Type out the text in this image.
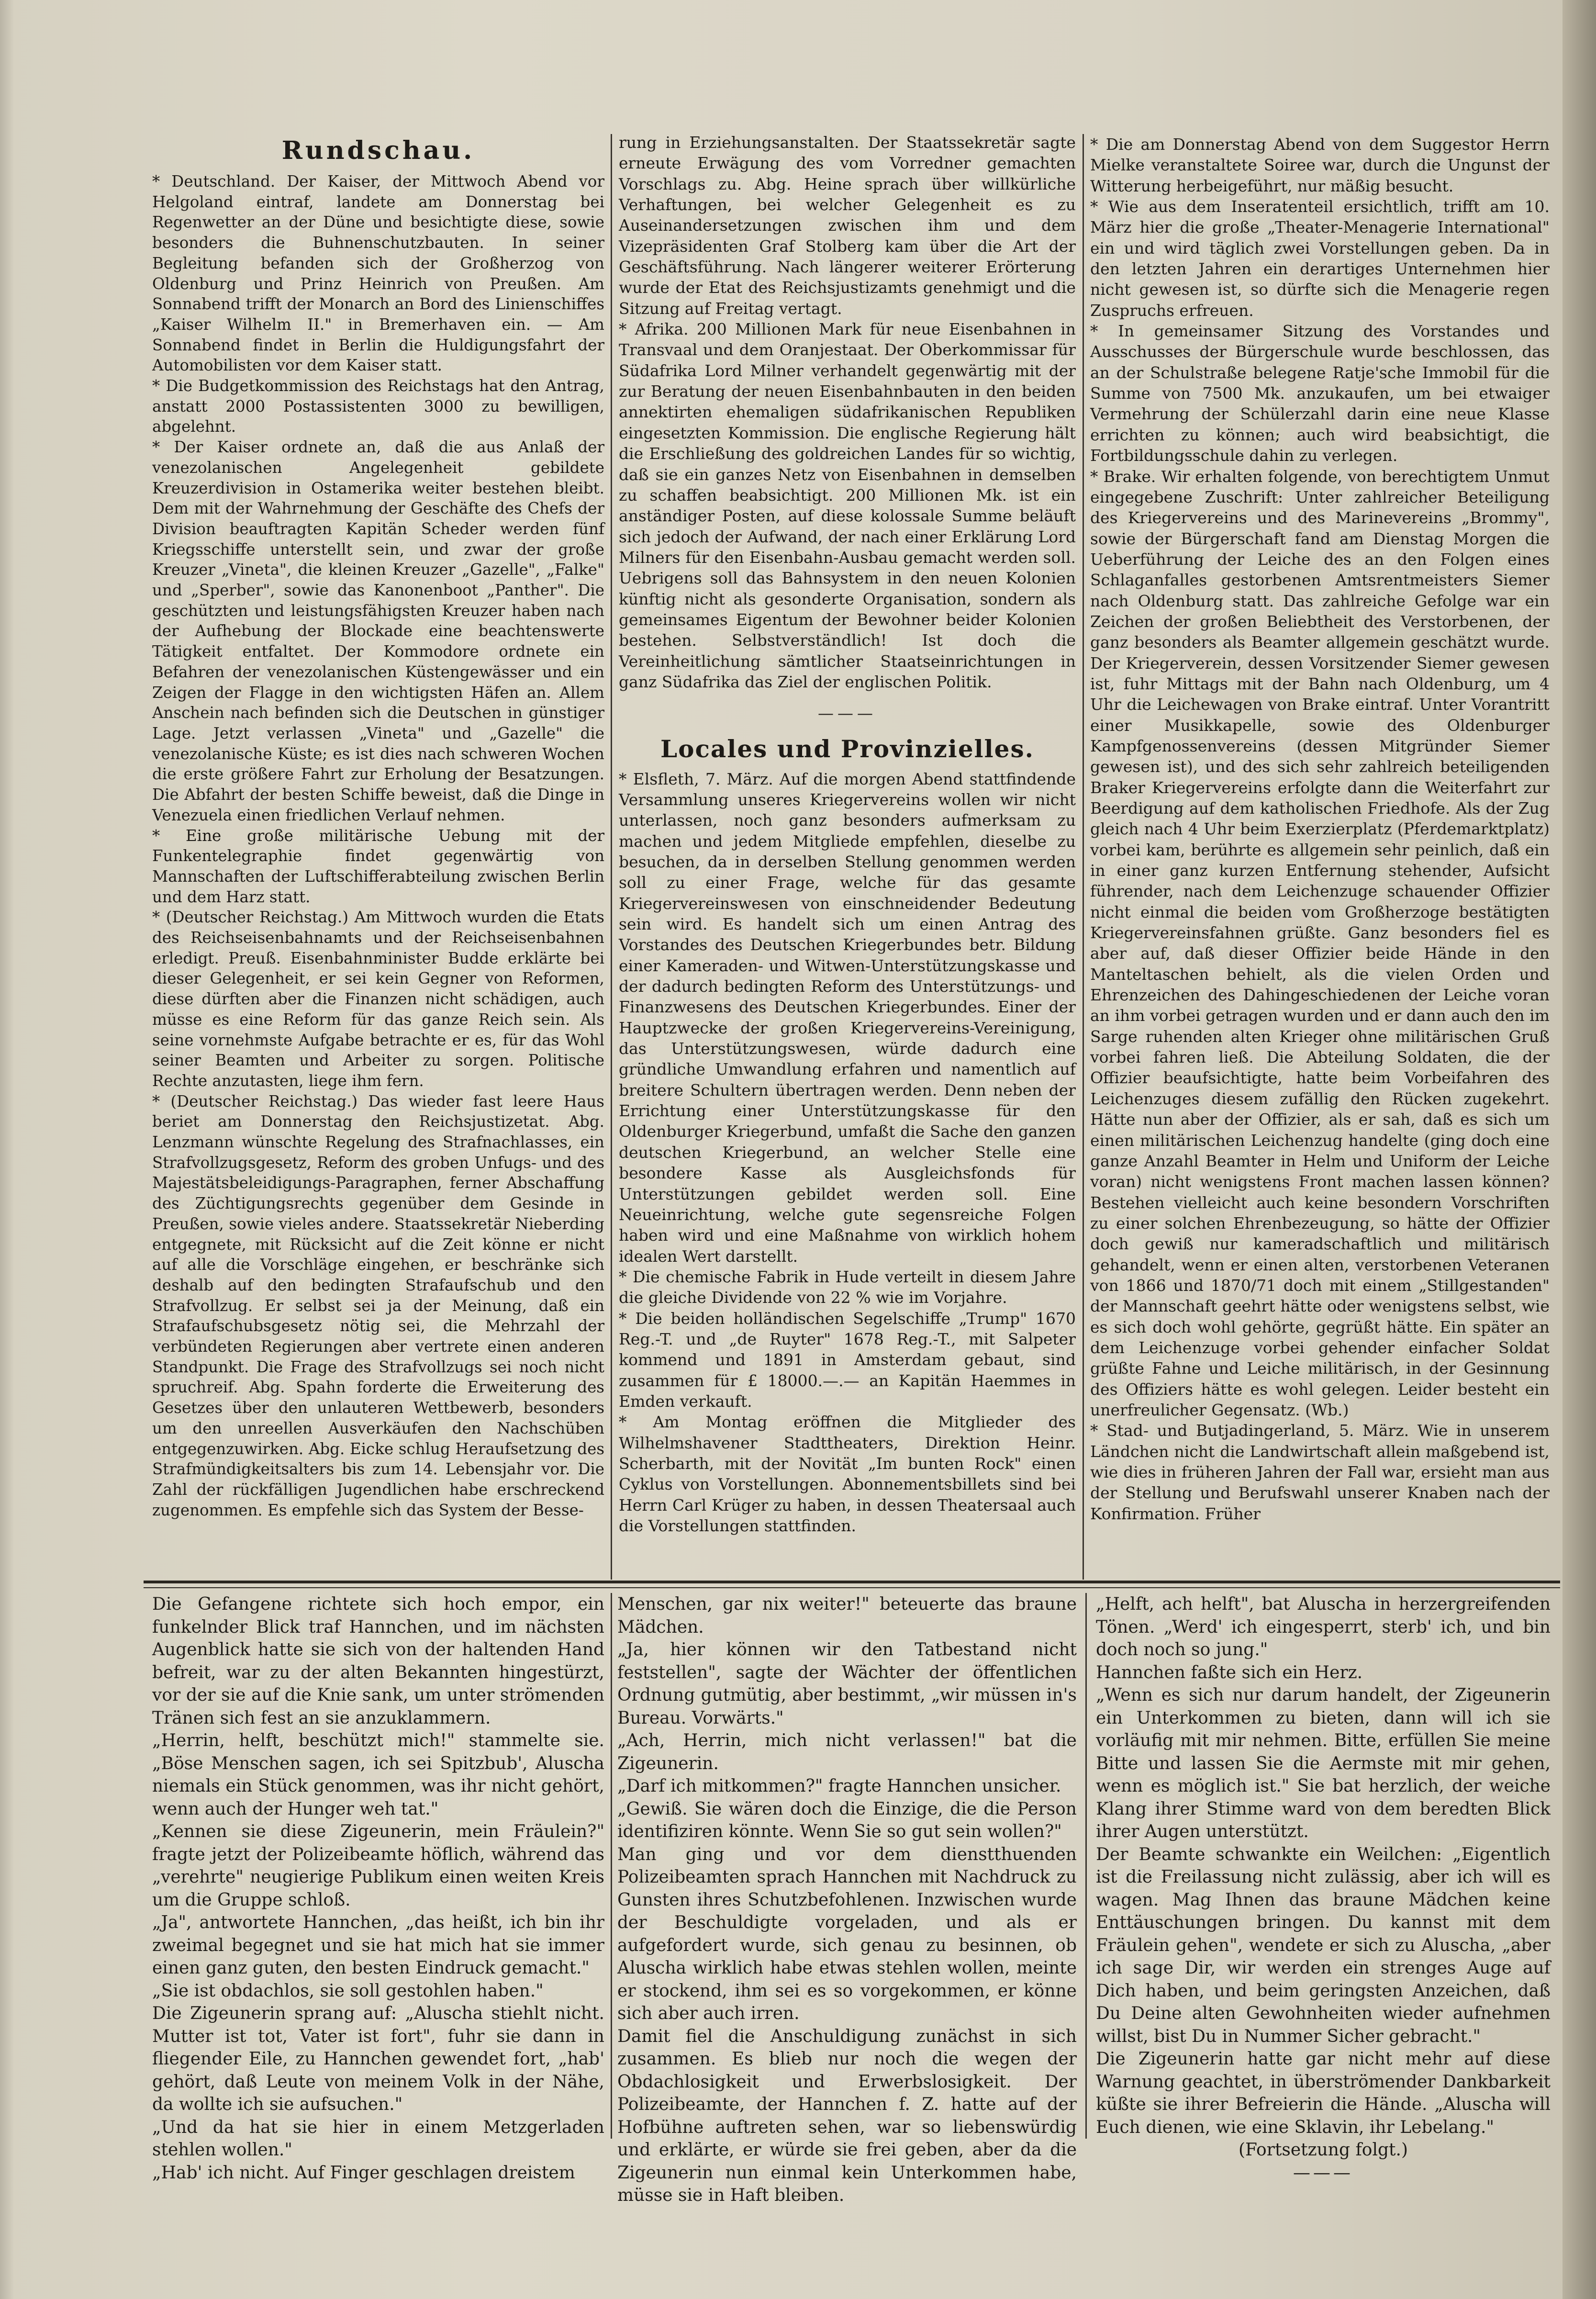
Rundschau.

* Deutschland. Der Kaiser, der Mittwoch Abend vor Helgoland eintraf, landete am Donnerstag bei Regenwetter an der Düne und besichtigte diese, sowie besonders die Buhnenschutzbauten. In seiner Begleitung befanden sich der Großherzog von Oldenburg und Prinz Heinrich von Preußen. Am Sonnabend trifft der Monarch an Bord des Linienschiffes „Kaiser Wilhelm II." in Bremerhaven ein. — Am Sonnabend findet in Berlin die Huldigungsfahrt der Automobilisten vor dem Kaiser statt.

* Die Budgetkommission des Reichstags hat den Antrag, anstatt 2000 Postassistenten 3000 zu bewilligen, abgelehnt.

* Der Kaiser ordnete an, daß die aus Anlaß der venezolanischen Angelegenheit gebildete Kreuzerdivision in Ostamerika weiter bestehen bleibt. Dem mit der Wahrnehmung der Geschäfte des Chefs der Division beauftragten Kapitän Scheder werden fünf Kriegsschiffe unterstellt sein, und zwar der große Kreuzer „Vineta", die kleinen Kreuzer „Gazelle", „Falke" und „Sperber", sowie das Kanonenboot „Panther". Die geschützten und leistungsfähigsten Kreuzer haben nach der Aufhebung der Blockade eine beachtenswerte Tätigkeit entfaltet. Der Kommodore ordnete ein Befahren der venezolanischen Küstengewässer und ein Zeigen der Flagge in den wichtigsten Häfen an. Allem Anschein nach befinden sich die Deutschen in günstiger Lage. Jetzt verlassen „Vineta" und „Gazelle" die venezolanische Küste; es ist dies nach schweren Wochen die erste größere Fahrt zur Erholung der Besatzungen. Die Abfahrt der besten Schiffe beweist, daß die Dinge in Venezuela einen friedlichen Verlauf nehmen.

* Eine große militärische Uebung mit der Funkentelegraphie findet gegenwärtig von Mannschaften der Luftschifferabteilung zwischen Berlin und dem Harz statt.

* (Deutscher Reichstag.) Am Mittwoch wurden die Etats des Reichseisenbahnamts und der Reichseisenbahnen erledigt. Preuß. Eisenbahnminister Budde erklärte bei dieser Gelegenheit, er sei kein Gegner von Reformen, diese dürften aber die Finanzen nicht schädigen, auch müsse es eine Reform für das ganze Reich sein. Als seine vornehmste Aufgabe betrachte er es, für das Wohl seiner Beamten und Arbeiter zu sorgen. Politische Rechte anzutasten, liege ihm fern.

* (Deutscher Reichstag.) Das wieder fast leere Haus beriet am Donnerstag den Reichsjustizetat. Abg. Lenzmann wünschte Regelung des Strafnachlasses, ein Strafvollzugsgesetz, Reform des groben Unfugs- und des Majestätsbeleidigungs-Paragraphen, ferner Abschaffung des Züchtigungsrechts gegenüber dem Gesinde in Preußen, sowie vieles andere. Staatssekretär Nieberding entgegnete, mit Rücksicht auf die Zeit könne er nicht auf alle die Vorschläge eingehen, er beschränke sich deshalb auf den bedingten Strafaufschub und den Strafvollzug. Er selbst sei ja der Meinung, daß ein Strafaufschubsgesetz nötig sei, die Mehrzahl der verbündeten Regierungen aber vertrete einen anderen Standpunkt. Die Frage des Strafvollzugs sei noch nicht spruchreif. Abg. Spahn forderte die Erweiterung des Gesetzes über den unlauteren Wettbewerb, besonders um den unreellen Ausverkäufen den Nachschüben entgegenzuwirken. Abg. Eicke schlug Heraufsetzung des Strafmündigkeitsalters bis zum 14. Lebensjahr vor. Die Zahl der rückfälligen Jugendlichen habe erschreckend zugenommen. Es empfehle sich das System der Besse-

rung in Erziehungsanstalten. Der Staatssekretär sagte erneute Erwägung des vom Vorredner gemachten Vorschlags zu. Abg. Heine sprach über willkürliche Verhaftungen, bei welcher Gelegenheit es zu Auseinandersetzungen zwischen ihm und dem Vizepräsidenten Graf Stolberg kam über die Art der Geschäftsführung. Nach längerer weiterer Erörterung wurde der Etat des Reichsjustizamts genehmigt und die Sitzung auf Freitag vertagt.

* Afrika. 200 Millionen Mark für neue Eisenbahnen in Transvaal und dem Oranjestaat. Der Oberkommissar für Südafrika Lord Milner verhandelt gegenwärtig mit der zur Beratung der neuen Eisenbahnbauten in den beiden annektirten ehemaligen südafrikanischen Republiken eingesetzten Kommission. Die englische Regierung hält die Erschließung des goldreichen Landes für so wichtig, daß sie ein ganzes Netz von Eisenbahnen in demselben zu schaffen beabsichtigt. 200 Millionen Mk. ist ein anständiger Posten, auf diese kolossale Summe beläuft sich jedoch der Aufwand, der nach einer Erklärung Lord Milners für den Eisenbahn-Ausbau gemacht werden soll. Uebrigens soll das Bahnsystem in den neuen Kolonien künftig nicht als gesonderte Organisation, sondern als gemeinsames Eigentum der Bewohner beider Kolonien bestehen. Selbstverständlich! Ist doch die Vereinheitlichung sämtlicher Staatseinrichtungen in ganz Südafrika das Ziel der englischen Politik.

———
Locales und Provinzielles.

* Elsfleth, 7. März. Auf die morgen Abend stattfindende Versammlung unseres Kriegervereins wollen wir nicht unterlassen, noch ganz besonders aufmerksam zu machen und jedem Mitgliede empfehlen, dieselbe zu besuchen, da in derselben Stellung genommen werden soll zu einer Frage, welche für das gesamte Kriegervereinswesen von einschneidender Bedeutung sein wird. Es handelt sich um einen Antrag des Vorstandes des Deutschen Kriegerbundes betr. Bildung einer Kameraden- und Witwen-Unterstützungskasse und der dadurch bedingten Reform des Unterstützungs- und Finanzwesens des Deutschen Kriegerbundes. Einer der Hauptzwecke der großen Kriegervereins-Vereinigung, das Unterstützungswesen, würde dadurch eine gründliche Umwandlung erfahren und namentlich auf breitere Schultern übertragen werden. Denn neben der Errichtung einer Unterstützungskasse für den Oldenburger Kriegerbund, umfaßt die Sache den ganzen deutschen Kriegerbund, an welcher Stelle eine besondere Kasse als Ausgleichsfonds für Unterstützungen gebildet werden soll. Eine Neueinrichtung, welche gute segensreiche Folgen haben wird und eine Maßnahme von wirklich hohem idealen Wert darstellt.

* Die chemische Fabrik in Hude verteilt in diesem Jahre die gleiche Dividende von 22 % wie im Vorjahre.

* Die beiden holländischen Segelschiffe „Trump" 1670 Reg.-T. und „de Ruyter" 1678 Reg.-T., mit Salpeter kommend und 1891 in Amsterdam gebaut, sind zusammen für £ 18000.—.— an Kapitän Haemmes in Emden verkauft.

* Am Montag eröffnen die Mitglieder des Wilhelmshavener Stadttheaters, Direktion Heinr. Scherbarth, mit der Novität „Im bunten Rock" einen Cyklus von Vorstellungen. Abonnementsbillets sind bei Herrn Carl Krüger zu haben, in dessen Theatersaal auch die Vorstellungen stattfinden.

* Die am Donnerstag Abend von dem Suggestor Herrn Mielke veranstaltete Soiree war, durch die Ungunst der Witterung herbeigeführt, nur mäßig besucht.

* Wie aus dem Inseratenteil ersichtlich, trifft am 10. März hier die große „Theater-Menagerie International" ein und wird täglich zwei Vorstellungen geben. Da in den letzten Jahren ein derartiges Unternehmen hier nicht gewesen ist, so dürfte sich die Menagerie regen Zuspruchs erfreuen.

* In gemeinsamer Sitzung des Vorstandes und Ausschusses der Bürgerschule wurde beschlossen, das an der Schulstraße belegene Ratje'sche Immobil für die Summe von 7500 Mk. anzukaufen, um bei etwaiger Vermehrung der Schülerzahl darin eine neue Klasse errichten zu können; auch wird beabsichtigt, die Fortbildungsschule dahin zu verlegen.

* Brake. Wir erhalten folgende, von berechtigtem Unmut eingegebene Zuschrift: Unter zahlreicher Beteiligung des Kriegervereins und des Marinevereins „Brommy", sowie der Bürgerschaft fand am Dienstag Morgen die Ueberführung der Leiche des an den Folgen eines Schlaganfalles gestorbenen Amtsrentmeisters Siemer nach Oldenburg statt. Das zahlreiche Gefolge war ein Zeichen der großen Beliebtheit des Verstorbenen, der ganz besonders als Beamter allgemein geschätzt wurde. Der Kriegerverein, dessen Vorsitzender Siemer gewesen ist, fuhr Mittags mit der Bahn nach Oldenburg, um 4 Uhr die Leichewagen von Brake eintraf. Unter Vorantritt einer Musikkapelle, sowie des Oldenburger Kampfgenossenvereins (dessen Mitgründer Siemer gewesen ist), und des sich sehr zahlreich beteiligenden Braker Kriegervereins erfolgte dann die Weiterfahrt zur Beerdigung auf dem katholischen Friedhofe. Als der Zug gleich nach 4 Uhr beim Exerzierplatz (Pferdemarktplatz) vorbei kam, berührte es allgemein sehr peinlich, daß ein in einer ganz kurzen Entfernung stehender, Aufsicht führender, nach dem Leichenzuge schauender Offizier nicht einmal die beiden vom Großherzoge bestätigten Kriegervereinsfahnen grüßte. Ganz besonders fiel es aber auf, daß dieser Offizier beide Hände in den Manteltaschen behielt, als die vielen Orden und Ehrenzeichen des Dahingeschiedenen der Leiche voran an ihm vorbei getragen wurden und er dann auch den im Sarge ruhenden alten Krieger ohne militärischen Gruß vorbei fahren ließ. Die Abteilung Soldaten, die der Offizier beaufsichtigte, hatte beim Vorbeifahren des Leichenzuges diesem zufällig den Rücken zugekehrt. Hätte nun aber der Offizier, als er sah, daß es sich um einen militärischen Leichenzug handelte (ging doch eine ganze Anzahl Beamter in Helm und Uniform der Leiche voran) nicht wenigstens Front machen lassen können? Bestehen vielleicht auch keine besondern Vorschriften zu einer solchen Ehrenbezeugung, so hätte der Offizier doch gewiß nur kameradschaftlich und militärisch gehandelt, wenn er einen alten, verstorbenen Veteranen von 1866 und 1870/71 doch mit einem „Stillgestanden" der Mannschaft geehrt hätte oder wenigstens selbst, wie es sich doch wohl gehörte, gegrüßt hätte. Ein später an dem Leichenzuge vorbei gehender einfacher Soldat grüßte Fahne und Leiche militärisch, in der Gesinnung des Offiziers hätte es wohl gelegen. Leider besteht ein unerfreulicher Gegensatz. (Wb.)

* Stad- und Butjadingerland, 5. März. Wie in unserem Ländchen nicht die Landwirtschaft allein maßgebend ist, wie dies in früheren Jahren der Fall war, ersieht man aus der Stellung und Berufswahl unserer Knaben nach der Konfirmation. Früher

Die Gefangene richtete sich hoch empor, ein funkelnder Blick traf Hannchen, und im nächsten Augenblick hatte sie sich von der haltenden Hand befreit, war zu der alten Bekannten hingestürzt, vor der sie auf die Knie sank, um unter strömenden Tränen sich fest an sie anzuklammern.

„Herrin, helft, beschützt mich!" stammelte sie. „Böse Menschen sagen, ich sei Spitzbub', Aluscha niemals ein Stück genommen, was ihr nicht gehört, wenn auch der Hunger weh tat."

„Kennen sie diese Zigeunerin, mein Fräulein?" fragte jetzt der Polizeibeamte höflich, während das „verehrte" neugierige Publikum einen weiten Kreis um die Gruppe schloß.

„Ja", antwortete Hannchen, „das heißt, ich bin ihr zweimal begegnet und sie hat mich hat sie immer einen ganz guten, den besten Eindruck gemacht."

„Sie ist obdachlos, sie soll gestohlen haben."

Die Zigeunerin sprang auf: „Aluscha stiehlt nicht. Mutter ist tot, Vater ist fort", fuhr sie dann in fliegender Eile, zu Hannchen gewendet fort, „hab' gehört, daß Leute von meinem Volk in der Nähe, da wollte ich sie aufsuchen."

„Und da hat sie hier in einem Metzgerladen stehlen wollen."

„Hab' ich nicht. Auf Finger geschlagen dreistem

Menschen, gar nix weiter!" beteuerte das braune Mädchen.

„Ja, hier können wir den Tatbestand nicht feststellen", sagte der Wächter der öffentlichen Ordnung gutmütig, aber bestimmt, „wir müssen in's Bureau. Vorwärts."

„Ach, Herrin, mich nicht verlassen!" bat die Zigeunerin.

„Darf ich mitkommen?" fragte Hannchen unsicher.

„Gewiß. Sie wären doch die Einzige, die die Person identifiziren könnte. Wenn Sie so gut sein wollen?"

Man ging und vor dem dienstthuenden Polizeibeamten sprach Hannchen mit Nachdruck zu Gunsten ihres Schutzbefohlenen. Inzwischen wurde der Beschuldigte vorgeladen, und als er aufgefordert wurde, sich genau zu besinnen, ob Aluscha wirklich habe etwas stehlen wollen, meinte er stockend, ihm sei es so vorgekommen, er könne sich aber auch irren.

Damit fiel die Anschuldigung zunächst in sich zusammen. Es blieb nur noch die wegen der Obdachlosigkeit und Erwerbslosigkeit. Der Polizeibeamte, der Hannchen f. Z. hatte auf der Hofbühne auftreten sehen, war so liebenswürdig und erklärte, er würde sie frei geben, aber da die Zigeunerin nun einmal kein Unterkommen habe, müsse sie in Haft bleiben.

„Helft, ach helft", bat Aluscha in herzergreifenden Tönen. „Werd' ich eingesperrt, sterb' ich, und bin doch noch so jung."

Hannchen faßte sich ein Herz.

„Wenn es sich nur darum handelt, der Zigeunerin ein Unterkommen zu bieten, dann will ich sie vorläufig mit mir nehmen. Bitte, erfüllen Sie meine Bitte und lassen Sie die Aermste mit mir gehen, wenn es möglich ist." Sie bat herzlich, der weiche Klang ihrer Stimme ward von dem beredten Blick ihrer Augen unterstützt.

Der Beamte schwankte ein Weilchen: „Eigentlich ist die Freilassung nicht zulässig, aber ich will es wagen. Mag Ihnen das braune Mädchen keine Enttäuschungen bringen. Du kannst mit dem Fräulein gehen", wendete er sich zu Aluscha, „aber ich sage Dir, wir werden ein strenges Auge auf Dich haben, und beim geringsten Anzeichen, daß Du Deine alten Gewohnheiten wieder aufnehmen willst, bist Du in Nummer Sicher gebracht."

Die Zigeunerin hatte gar nicht mehr auf diese Warnung geachtet, in überströmender Dankbarkeit küßte sie ihrer Befreierin die Hände. „Aluscha will Euch dienen, wie eine Sklavin, ihr Lebelang."

(Fortsetzung folgt.)

———
